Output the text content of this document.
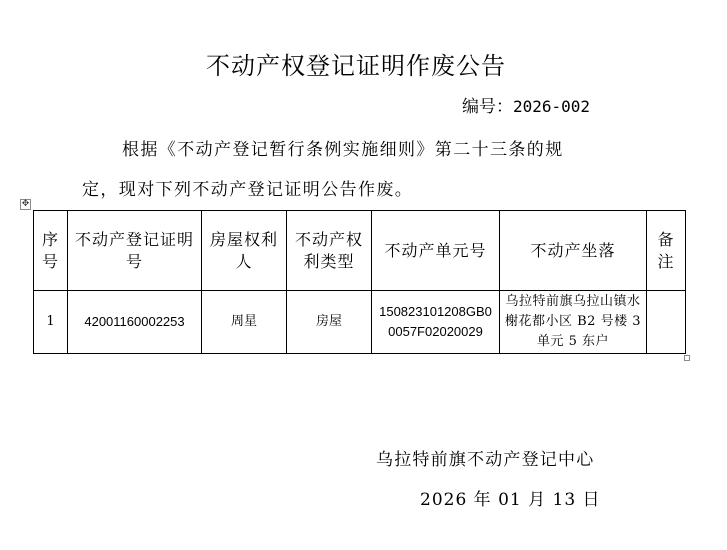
不动产权登记证明作废公告
编号：2026-002
根据《不动产登记暂行条例实施细则》第二十三条的规
定，现对下列不动产登记证明公告作废。
✥
序号	不动产登记证明号	房屋权利人	不动产权利类型	不动产单元号	不动产坐落	备注
1	42001160002253	周星	房屋	150823101208GB00057F02020029	乌拉特前旗乌拉山镇水榭花都小区 B2 号楼 3 单元 5 东户	
乌拉特前旗不动产登记中心
2026 年 01 月 13 日
